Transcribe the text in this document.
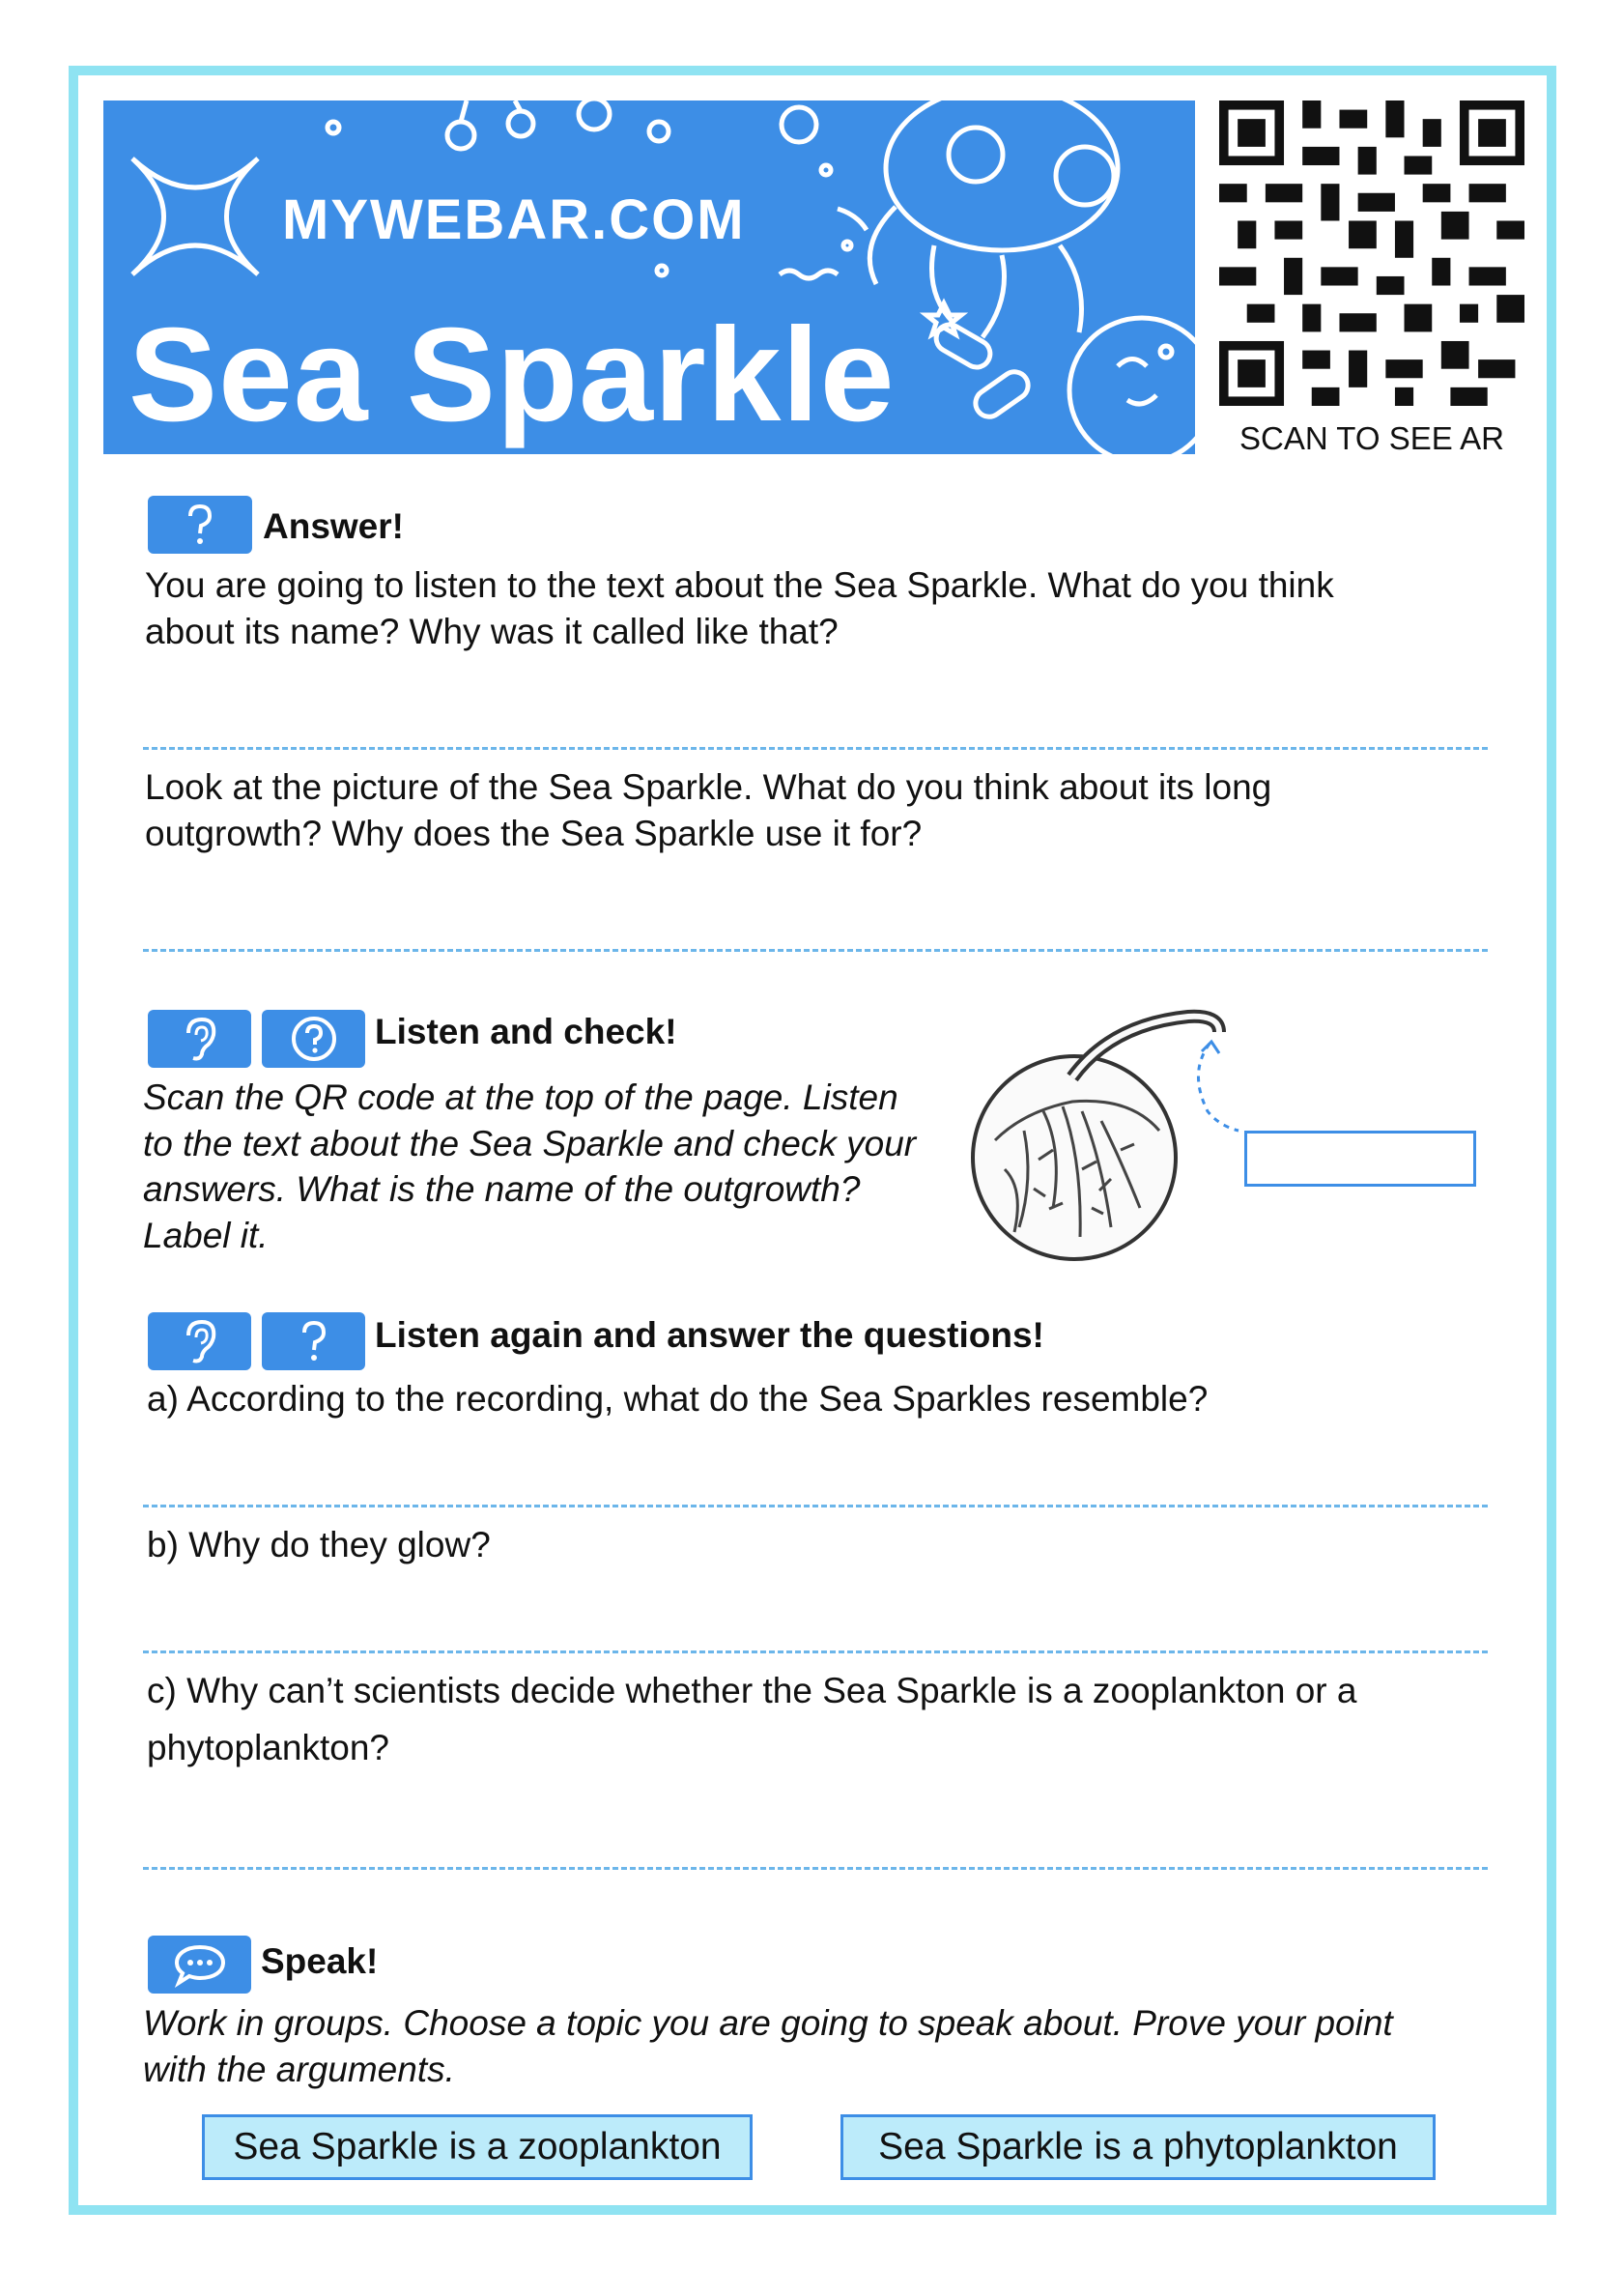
MYWEBAR.COM
Sea Sparkle	SCAN TO SEE AR
Answer!
You are going to listen to the text about the Sea Sparkle. What do you think
about its name? Why was it called like that?
Look at the picture of the Sea Sparkle. What do you think about its long
outgrowth? Why does the Sea Sparkle use it for?
Listen and check!
Scan the QR code at the top of the page. Listen
to the text about the Sea Sparkle and check your
answers. What is the name of the outgrowth?
Label it.
Listen again and answer the questions!
a) According to the recording, what do the Sea Sparkles resemble?
b) Why do they glow?
c) Why can’t scientists decide whether the Sea Sparkle is a zooplankton or a
phytoplankton?
Speak!
Work in groups. Choose a topic you are going to speak about. Prove your point
with the arguments.
Sea Sparkle is a zooplankton	Sea Sparkle is a phytoplankton
